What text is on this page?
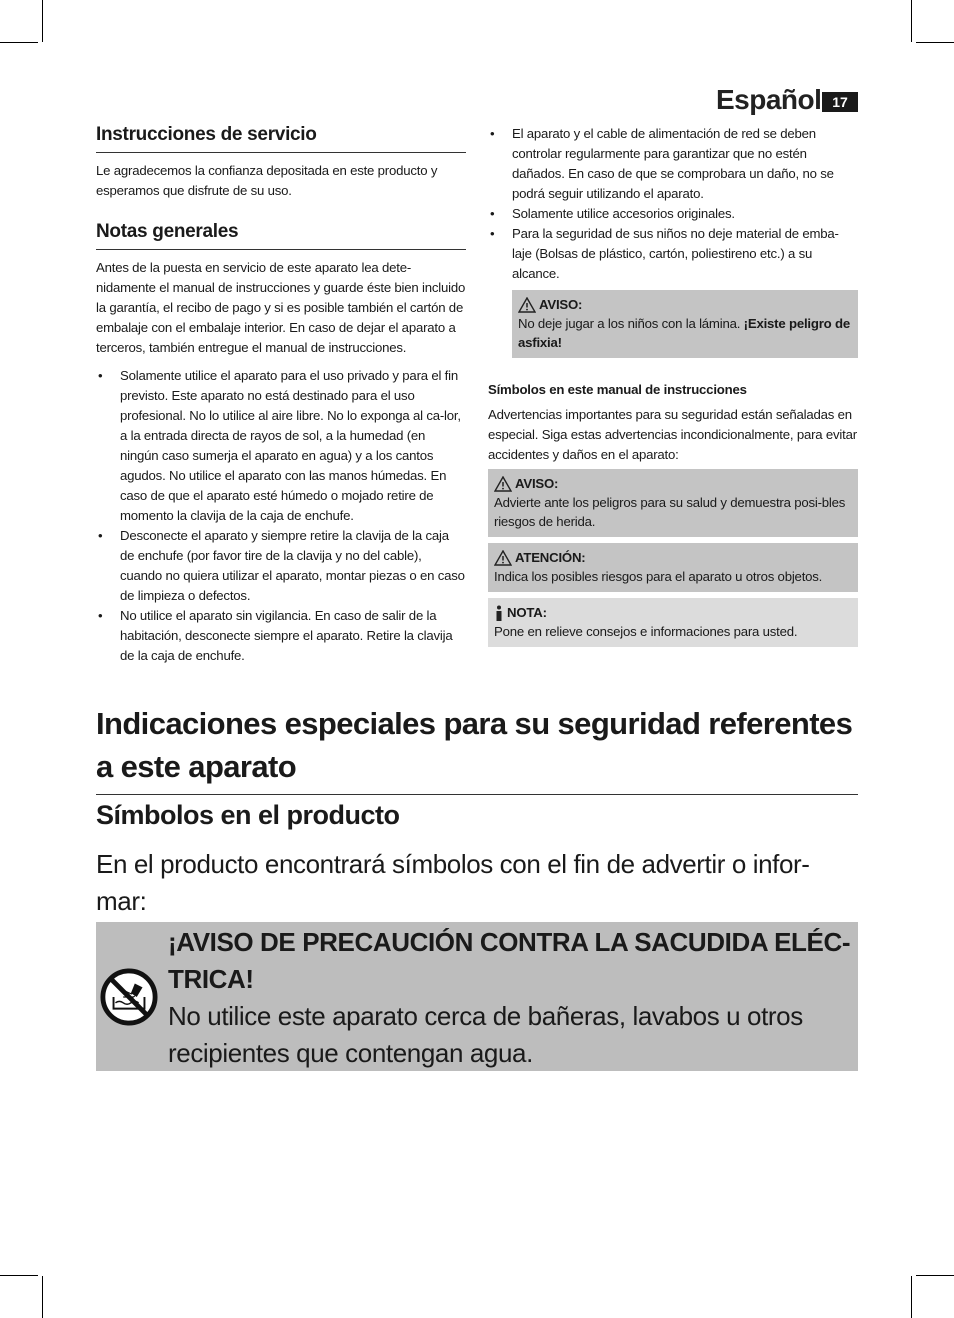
Español 17
Instrucciones de servicio

Le agradecemos la confianza depositada en este producto y esperamos que disfrute de su uso.

Notas generales

Antes de la puesta en servicio de este aparato lea dete-nidamente el manual de instrucciones y guarde éste bien incluido la garantía, el recibo de pago y si es posible también el cartón de embalaje con el embalaje interior. En caso de dejar el aparato a terceros, también entregue el manual de instrucciones.

• Solamente utilice el aparato para el uso privado y para el fin previsto. Este aparato no está destinado para el uso profesional. No lo utilice al aire libre. No lo exponga al ca-lor, a la entrada directa de rayos de sol, a la humedad (en ningún caso sumerja el aparato en agua) y a los cantos agudos. No utilice el aparato con las manos húmedas. En caso de que el aparato esté húmedo o mojado retire de momento la clavija de la caja de enchufe.
• Desconecte el aparato y siempre retire la clavija de la caja de enchufe (por favor tire de la clavija y no del cable), cuando no quiera utilizar el aparato, montar piezas o en caso de limpieza o defectos.
• No utilice el aparato sin vigilancia. En caso de salir de la habitación, desconecte siempre el aparato. Retire la clavija de la caja de enchufe.
• El aparato y el cable de alimentación de red se deben controlar regularmente para garantizar que no estén dañados. En caso de que se comprobara un daño, no se podrá seguir utilizando el aparato.
• Solamente utilice accesorios originales.
• Para la seguridad de sus niños no deje material de emba-laje (Bolsas de plástico, cartón, poliestireno etc.) a su alcance.
AVISO:
No deje jugar a los niños con la lámina. ¡Existe peligro de asfixia!
Símbolos en este manual de instrucciones

Advertencias importantes para su seguridad están señaladas en especial. Siga estas advertencias incondicionalmente, para evitar accidentes y daños en el aparato:

AVISO:
Advierte ante los peligros para su salud y demuestra posi-bles riesgos de herida.
ATENCIÓN:
Indica los posibles riesgos para el aparato u otros objetos.
NOTA:
Pone en relieve consejos e informaciones para usted.
Indicaciones especiales para su seguridad referentes a este aparato
Símbolos en el producto

En el producto encontrará símbolos con el fin de advertir o infor-mar:

¡AVISO DE PRECAUCIÓN CONTRA LA SACUDIDA ELÉC-TRICA!
No utilice este aparato cerca de bañeras, lavabos u otros recipientes que contengan agua.
